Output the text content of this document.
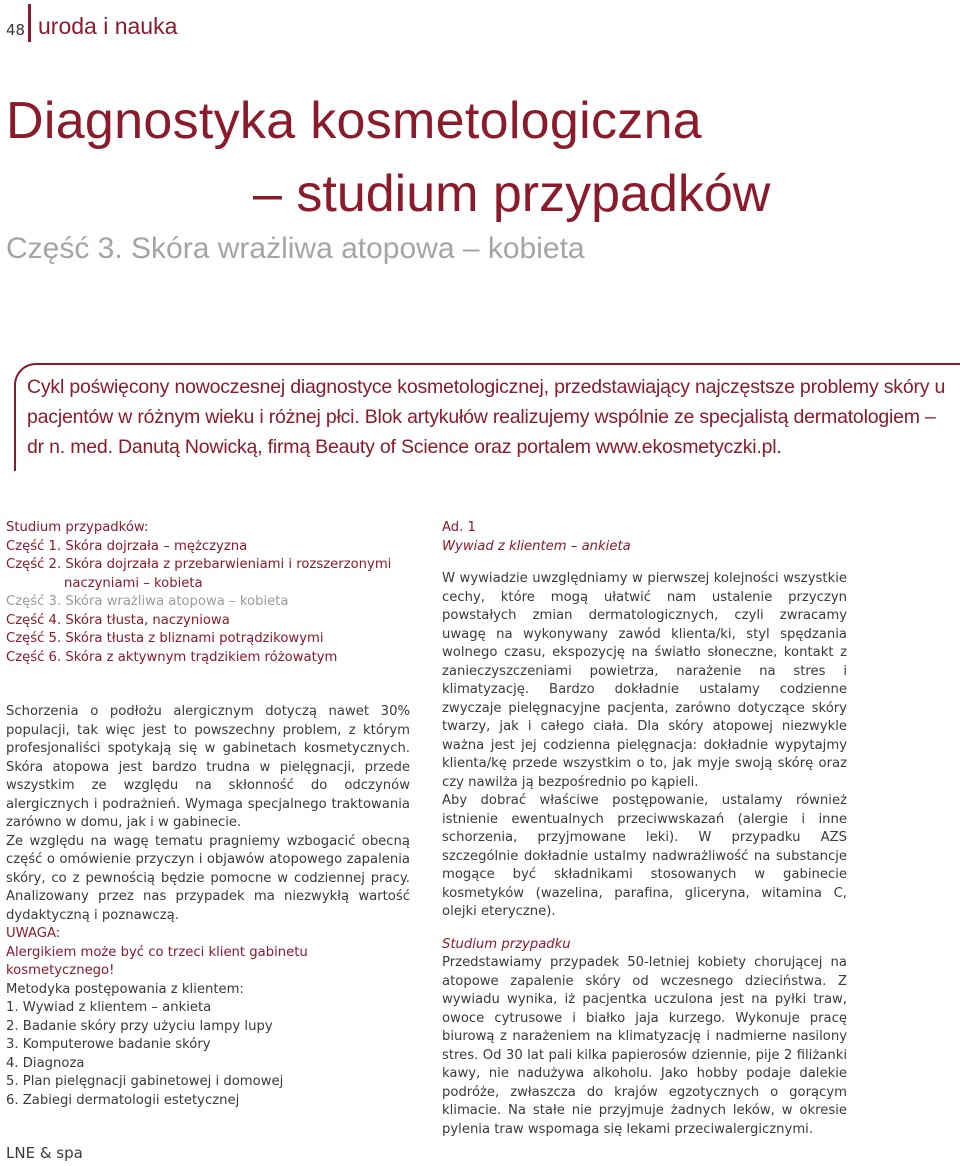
48 uroda i nauka
Diagnostyka kosmetologiczna
– studium przypadków
Część 3. Skóra wrażliwa atopowa – kobieta
Cykl poświęcony nowoczesnej diagnostyce kosmetologicznej, przedstawiający najczęstsze problemy skóry u pacjentów w różnym wieku i różnej płci. Blok artykułów realizujemy wspólnie ze specjalistą dermatologiem – dr n. med. Danutą Nowicką, firmą Beauty of Science oraz portalem www.ekosmetyczki.pl.
Studium przypadków:
Część 1. Skóra dojrzała – mężczyzna
Część 2. Skóra dojrzała z przebarwieniami i rozszerzonymi
naczyniami – kobieta
Część 3. Skóra wrażliwa atopowa – kobieta
Część 4. Skóra tłusta, naczyniowa
Część 5. Skóra tłusta z bliznami potrądzikowymi
Część 6. Skóra z aktywnym trądzikiem różowatym
Schorzenia o podłożu alergicznym dotyczą nawet 30% populacji, tak więc jest to powszechny problem, z którym profesjonaliści spotykają się w gabinetach kosmetycznych. Skóra atopowa jest bardzo trudna w pielęgnacji, przede wszystkim ze względu na skłonność do odczynów alergicznych i podrażnień. Wymaga specjalnego traktowania zarówno w domu, jak i w gabinecie.
Ze względu na wagę tematu pragniemy wzbogacić obecną część o omówienie przyczyn i objawów atopowego zapalenia skóry, co z pewnością będzie pomocne w codziennej pracy. Analizowany przez nas przypadek ma niezwykłą wartość dydaktyczną i poznawczą.
UWAGA:
Alergikiem może być co trzeci klient gabinetu kosmetycznego!
Metodyka postępowania z klientem:
1. Wywiad z klientem – ankieta
2. Badanie skóry przy użyciu lampy lupy
3. Komputerowe badanie skóry
4. Diagnoza
5. Plan pielęgnacji gabinetowej i domowej
6. Zabiegi dermatologii estetycznej
Ad. 1
Wywiad z klientem – ankieta
W wywiadzie uwzględniamy w pierwszej kolejności wszystkie cechy, które mogą ułatwić nam ustalenie przyczyn powstałych zmian dermatologicznych, czyli zwracamy uwagę na wykonywany zawód klienta/ki, styl spędzania wolnego czasu, ekspozycję na światło słoneczne, kontakt z zanieczyszczeniami powietrza, narażenie na stres i klimatyzację. Bardzo dokładnie ustalamy codzienne zwyczaje pielęgnacyjne pacjenta, zarówno dotyczące skóry twarzy, jak i całego ciała. Dla skóry atopowej niezwykle ważna jest jej codzienna pielęgnacja: dokładnie wypytajmy klienta/kę przede wszystkim o to, jak myje swoją skórę oraz czy nawilża ją bezpośrednio po kąpieli.
Aby dobrać właściwe postępowanie, ustalamy również istnienie ewentualnych przeciwwskazań (alergie i inne schorzenia, przyjmowane leki). W przypadku AZS szczególnie dokładnie ustalmy nadwrażliwość na substancje mogące być składnikami stosowanych w gabinecie kosmetyków (wazelina, parafina, gliceryna, witamina C, olejki eteryczne).
Studium przypadku
Przedstawiamy przypadek 50-letniej kobiety chorującej na atopowe zapalenie skóry od wczesnego dzieciństwa. Z wywiadu wynika, iż pacjentka uczulona jest na pyłki traw, owoce cytrusowe i białko jaja kurzego. Wykonuje pracę biurową z narażeniem na klimatyzację i nadmierne nasilony stres. Od 30 lat pali kilka papierosów dziennie, pije 2 filiżanki kawy, nie nadużywa alkoholu. Jako hobby podaje dalekie podróże, zwłaszcza do krajów egzotycznych o gorącym klimacie. Na stałe nie przyjmuje żadnych leków, w okresie pylenia traw wspomaga się lekami przeciwalergicznymi.
LNE & spa
